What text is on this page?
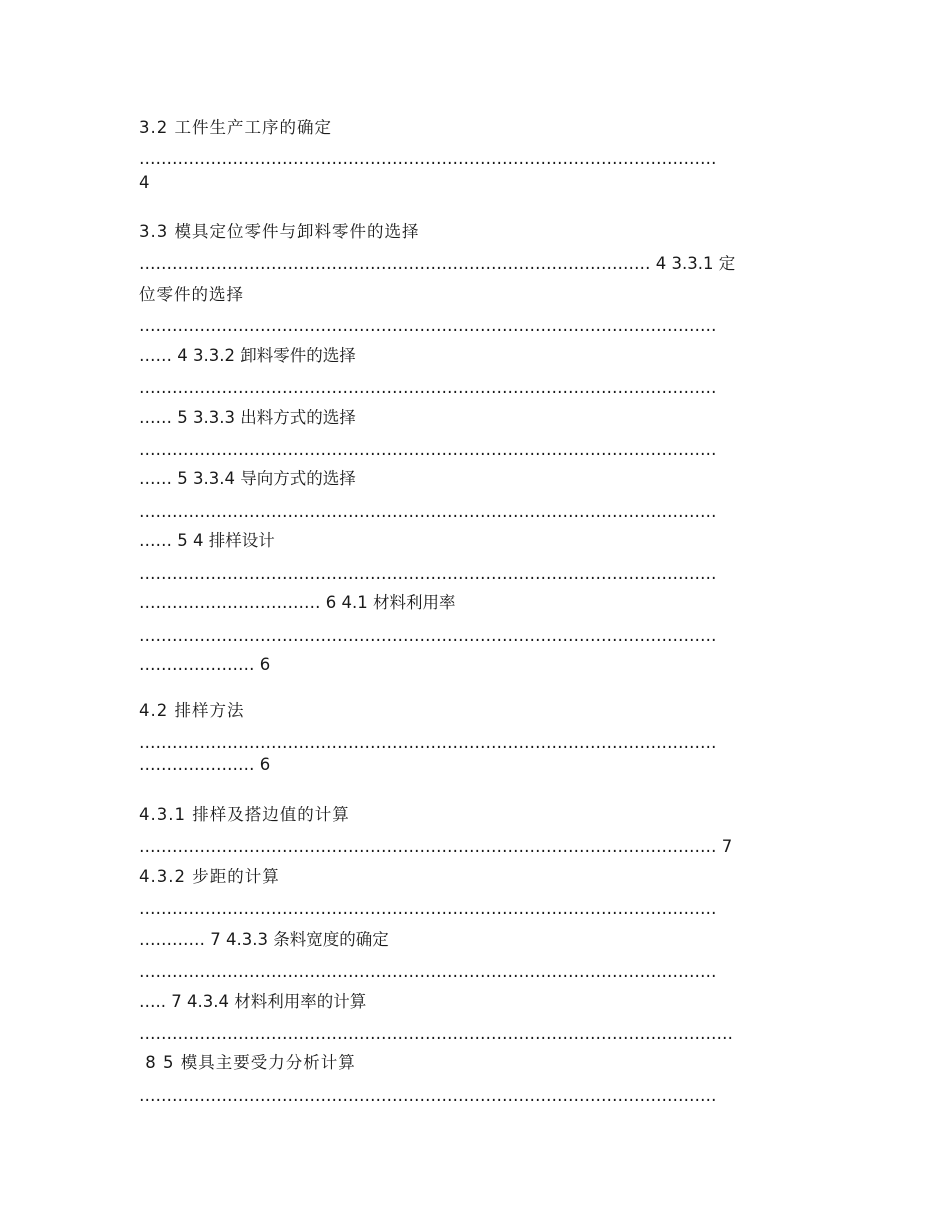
3.2 工件生产工序的确定
……………………………………………………………………………………………
4
3.3 模具定位零件与卸料零件的选择
………………………………………………………………………………… 4 3.3.1 定
位零件的选择
……………………………………………………………………………………………
…… 4 3.3.2 卸料零件的选择
……………………………………………………………………………………………
…… 5 3.3.3 出料方式的选择
……………………………………………………………………………………………
…… 5 3.3.4 导向方式的选择
……………………………………………………………………………………………
…… 5 4 排样设计
……………………………………………………………………………………………
…………………………… 6 4.1 材料利用率
……………………………………………………………………………………………
………………… 6
4.2 排样方法
……………………………………………………………………………………………
………………… 6
4.3.1 排样及搭边值的计算
…………………………………………………………………………………………… 7
4.3.2 步距的计算
……………………………………………………………………………………………
………… 7 4.3.3 条料宽度的确定
……………………………………………………………………………………………
….. 7 4.3.4 材料利用率的计算
………………………………………………………………………………………………
8 5 模具主要受力分析计算
……………………………………………………………………………………………
